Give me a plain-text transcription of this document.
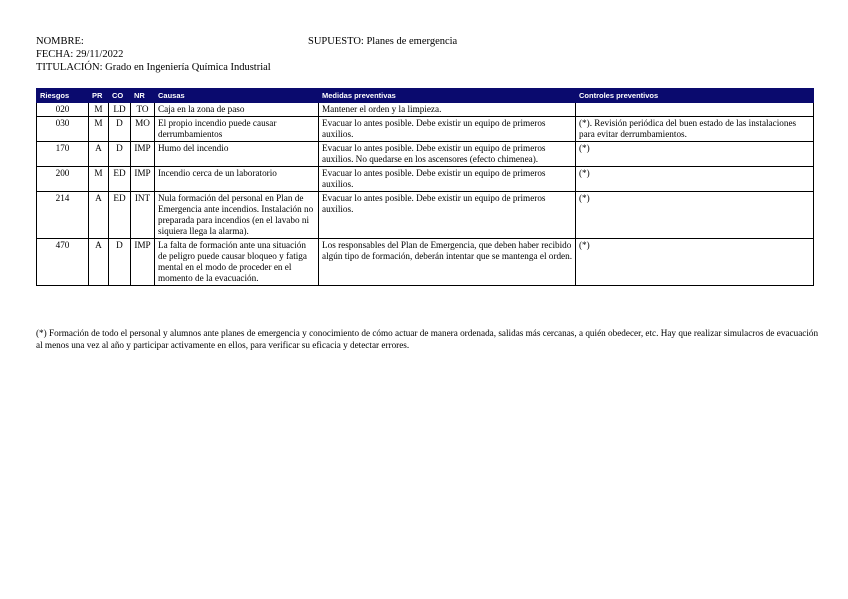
NOMBRE:
FECHA: 29/11/2022
TITULACIÓN: Grado en Ingeniería Química Industrial
SUPUESTO: Planes de emergencia
Riesgos	PR	CO	NR	Causas	Medidas preventivas	Controles preventivos
020	M	LD	TO	Caja en la zona de paso	Mantener el orden y la limpieza.	
030	M	D	MO	El propio incendio puede causar derrumbamientos	Evacuar lo antes posible. Debe existir un equipo de primeros auxilios.	(*). Revisión periódica del buen estado de las instalaciones para evitar derrumbamientos.
170	A	D	IMP	Humo del incendio	Evacuar lo antes posible. Debe existir un equipo de primeros auxilios. No quedarse en los ascensores (efecto chimenea).	(*)
200	M	ED	IMP	Incendio cerca de un laboratorio	Evacuar lo antes posible. Debe existir un equipo de primeros auxilios.	(*)
214	A	ED	INT	Nula formación del personal en Plan de Emergencia ante incendios. Instalación no preparada para incendios (en el lavabo ni siquiera llega la alarma).	Evacuar lo antes posible. Debe existir un equipo de primeros auxilios.	(*)
470	A	D	IMP	La falta de formación ante una situación de peligro puede causar bloqueo y fatiga mental en el modo de proceder en el momento de la evacuación.	Los responsables del Plan de Emergencia, que deben haber recibido algún tipo de formación, deberán intentar que se mantenga el orden.	(*)
(*) Formación de todo el personal y alumnos ante planes de emergencia y conocimiento de cómo actuar de manera ordenada, salidas más cercanas, a quién obedecer, etc. Hay que realizar simulacros de evacuación al menos una vez al año y participar activamente en ellos, para verificar su eficacia y detectar errores.
